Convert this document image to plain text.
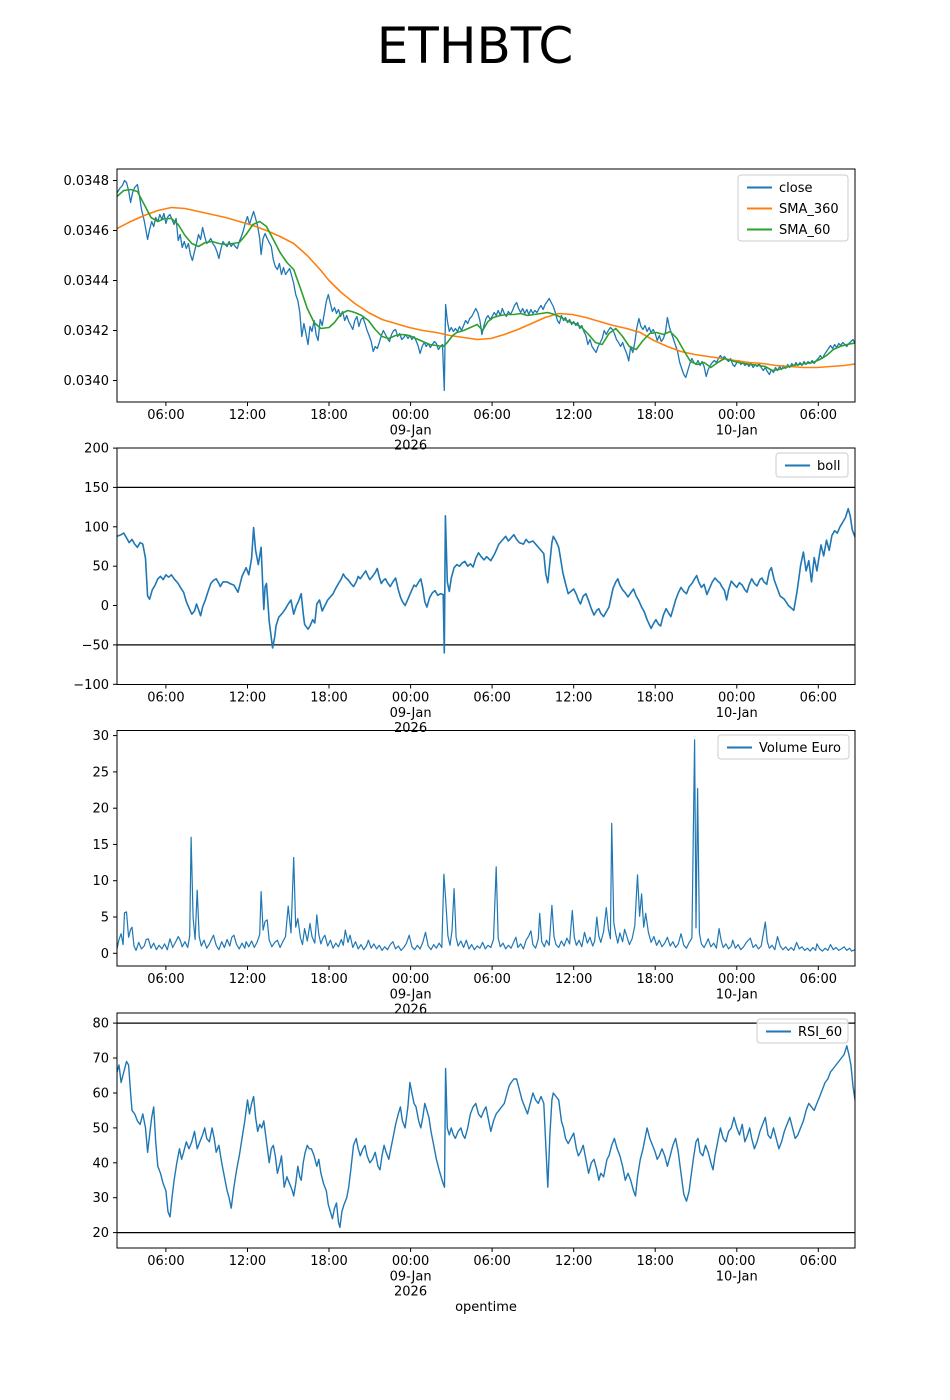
ETHBTC
0.0340
0.0342
0.0344
0.0346
0.0348
06:00	12:00	18:00	00:00
09-Jan
2026
06:00	12:00	18:00	00:00
10-Jan
06:00
close
SMA_360
SMA_60
−100
−50
0
50
100
150
200
06:00	12:00	18:00	00:00
09-Jan
2026
06:00	12:00	18:00	00:00
10-Jan
06:00
boll
0
5
10
15
20
25
30
06:00	12:00	18:00	00:00
09-Jan
2026
06:00	12:00	18:00	00:00
10-Jan
06:00
Volume Euro
20
30
40
50
60
70
80
06:00	12:00	18:00	00:00
09-Jan
2026
06:00	12:00	18:00	00:00
10-Jan
06:00
RSI_60
opentime
